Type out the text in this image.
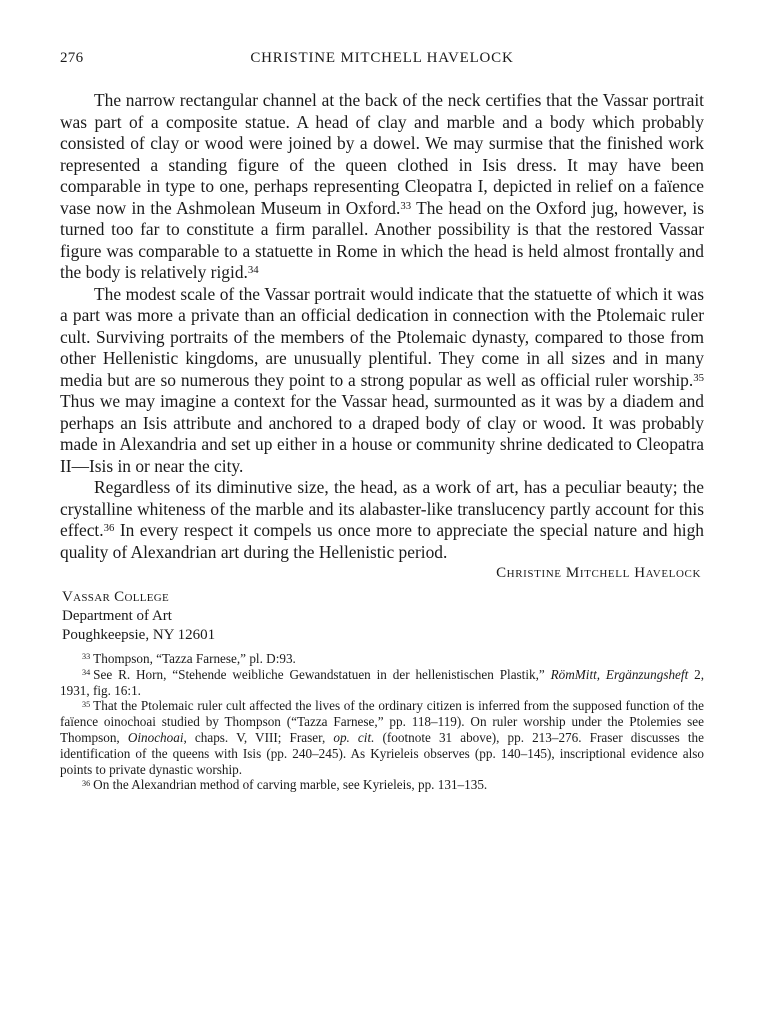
276	CHRISTINE MITCHELL HAVELOCK

The narrow rectangular channel at the back of the neck certifies that the Vassar portrait was part of a composite statue. A head of clay and marble and a body which probably consisted of clay or wood were joined by a dowel. We may surmise that the finished work represented a standing figure of the queen clothed in Isis dress. It may have been comparable in type to one, perhaps representing Cleopatra I, depicted in relief on a faïence vase now in the Ashmolean Museum in Oxford.$^{33}$ The head on the Oxford jug, however, is turned too far to constitute a firm parallel. Another possibility is that the restored Vassar figure was comparable to a statuette in Rome in which the head is held almost frontally and the body is relatively rigid.$^{34}$

The modest scale of the Vassar portrait would indicate that the statuette of which it was a part was more a private than an official dedication in connection with the Ptolemaic ruler cult. Surviving portraits of the members of the Ptolemaic dynasty, compared to those from other Hellenistic kingdoms, are unusually plentiful. They come in all sizes and in many media but are so numerous they point to a strong popular as well as official ruler worship.$^{35}$ Thus we may imagine a context for the Vassar head, surmounted as it was by a diadem and perhaps an Isis attribute and anchored to a draped body of clay or wood. It was probably made in Alexandria and set up either in a house or community shrine dedicated to Cleopatra II—Isis in or near the city.

Regardless of its diminutive size, the head, as a work of art, has a peculiar beauty; the crystalline whiteness of the marble and its alabaster-like translucency partly account for this effect.$^{36}$ In every respect it compels us once more to appreciate the special nature and high quality of Alexandrian art during the Hellenistic period.

Christine Mitchell Havelock
Vassar College
Department of Art
Poughkeepsie, NY 12601

$^{33}$ Thompson, “Tazza Farnese,” pl. D:93.

$^{34}$ See R. Horn, “Stehende weibliche Gewandstatuen in der hellenistischen Plastik,” RömMitt, Ergänzungsheft 2, 1931, fig. 16:1.

$^{35}$ That the Ptolemaic ruler cult affected the lives of the ordinary citizen is inferred from the supposed function of the faïence oinochoai studied by Thompson (“Tazza Farnese,” pp. 118–119). On ruler worship under the Ptolemies see Thompson, Oinochoai, chaps. V, VIII; Fraser, op. cit. (footnote 31 above), pp. 213–276. Fraser discusses the identification of the queens with Isis (pp. 240–245). As Kyrieleis observes (pp. 140–145), inscriptional evidence also points to private dynastic worship.

$^{36}$ On the Alexandrian method of carving marble, see Kyrieleis, pp. 131–135.
